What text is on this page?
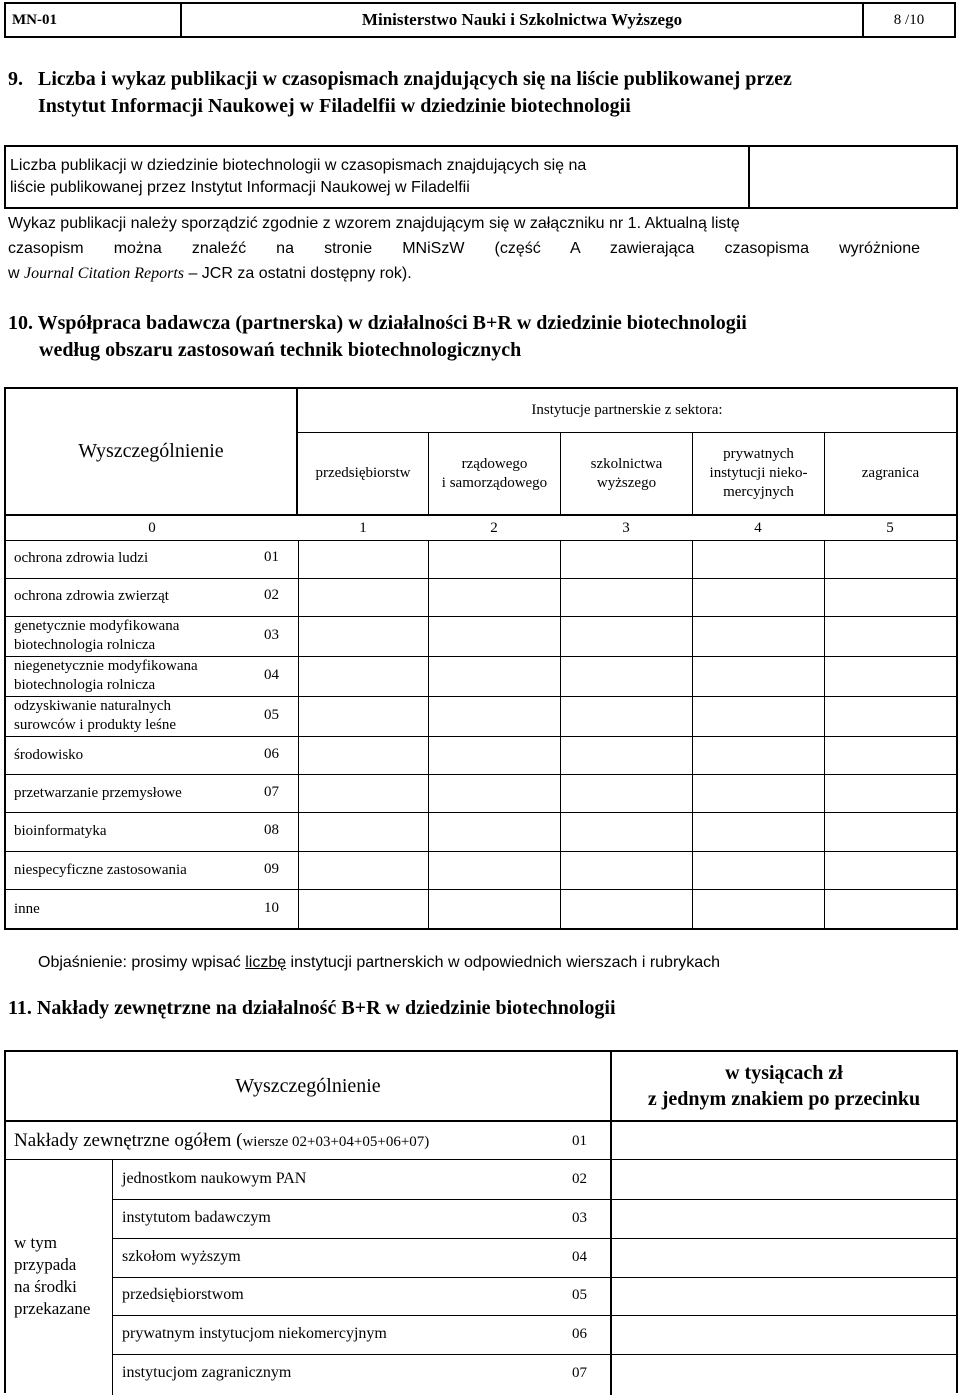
MN-01	Ministerstwo Nauki i Szkolnictwa Wyższego	8 /10
9. Liczba i wykaz publikacji w czasopismach znajdujących się na liście publikowanej przez
Instytut Informacji Naukowej w Filadelfii w dziedzinie biotechnologii
Liczba publikacji w dziedzinie biotechnologii w czasopismach znajdujących się na
liście publikowanej przez Instytut Informacji Naukowej w Filadelfii
Wykaz publikacji należy sporządzić zgodnie z wzorem znajdującym się w załączniku nr 1. Aktualną listę
czasopism można znaleźć na stronie MNiSzW (część A zawierająca czasopisma wyróżnione
w Journal Citation Reports – JCR za ostatni dostępny rok).
10. Współpraca badawcza (partnerska) w działalności B+R w dziedzinie biotechnologii
według obszaru zastosowań technik biotechnologicznych
Wyszczególnienie
Instytucje partnerskie z sektora:
przedsiębiorstw
rządowego
i samorządowego
szkolnictwa
wyższego
prywatnych
instytucji nieko-
mercyjnych
zagranica
0	1	2	3	4	5
ochrona zdrowia ludzi	01
ochrona zdrowia zwierząt	02
genetycznie modyfikowana
biotechnologia rolnicza
03
niegenetycznie modyfikowana
biotechnologia rolnicza
04
odzyskiwanie naturalnych
surowców i produkty leśne
05
środowisko	06
przetwarzanie przemysłowe	07
bioinformatyka	08
niespecyficzne zastosowania	09
inne	10
Objaśnienie: prosimy wpisać liczbę instytucji partnerskich w odpowiednich wierszach i rubrykach
11. Nakłady zewnętrzne na działalność B+R w dziedzinie biotechnologii
Wyszczególnienie
w tysiącach zł
z jednym znakiem po przecinku
Nakłady zewnętrzne ogółem (wiersze 02+03+04+05+06+07)	01
w tym
przypada
na środki
przekazane
jednostkom naukowym PAN	02
instytutom badawczym	03
szkołom wyższym	04
przedsiębiorstwom	05
prywatnym instytucjom niekomercyjnym	06
instytucjom zagranicznym	07
